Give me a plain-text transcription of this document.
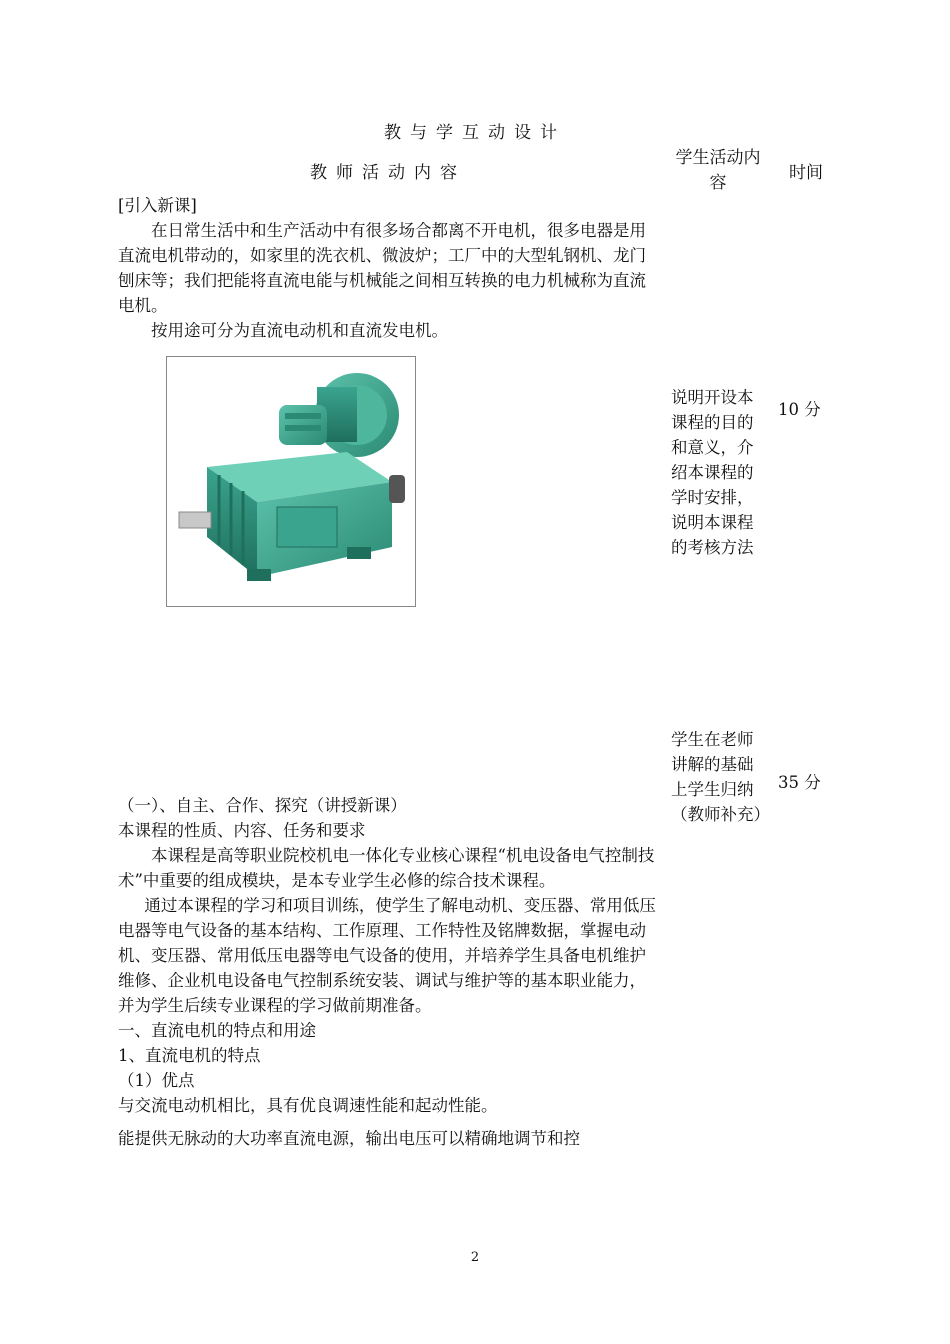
教与学互动设计
教师活动内容
学生活动内容	时间

[引入新课]

在日常生活中和生产活动中有很多场合都离不开电机，很多电器是用直流电机带动的，如家里的洗衣机、微波炉；工厂中的大型轧钢机、龙门刨床等；我们把能将直流电能与机械能之间相互转换的电力机械称为直流电机。

按用途可分为直流电动机和直流发电机。

说明开设本课程的目的和意义，介绍本课程的学时安排，说明本课程的考核方法
10 分
学生在老师讲解的基础上学生归纳（教师补充）
35 分

（一）、自主、合作、探究（讲授新课）

本课程的性质、内容、任务和要求

本课程是高等职业院校机电一体化专业核心课程“机电设备电气控制技术”中重要的组成模块，是本专业学生必修的综合技术课程。

通过本课程的学习和项目训练，使学生了解电动机、变压器、常用低压电器等电气设备的基本结构、工作原理、工作特性及铭牌数据，掌握电动机、变压器、常用低压电器等电气设备的使用，并培养学生具备电机维护维修、企业机电设备电气控制系统安装、调试与维护等的基本职业能力，并为学生后续专业课程的学习做前期准备。

一、直流电机的特点和用途

1、直流电机的特点

（1）优点

与交流电动机相比，具有优良调速性能和起动性能。

能提供无脉动的大功率直流电源，输出电压可以精确地调节和控

2
